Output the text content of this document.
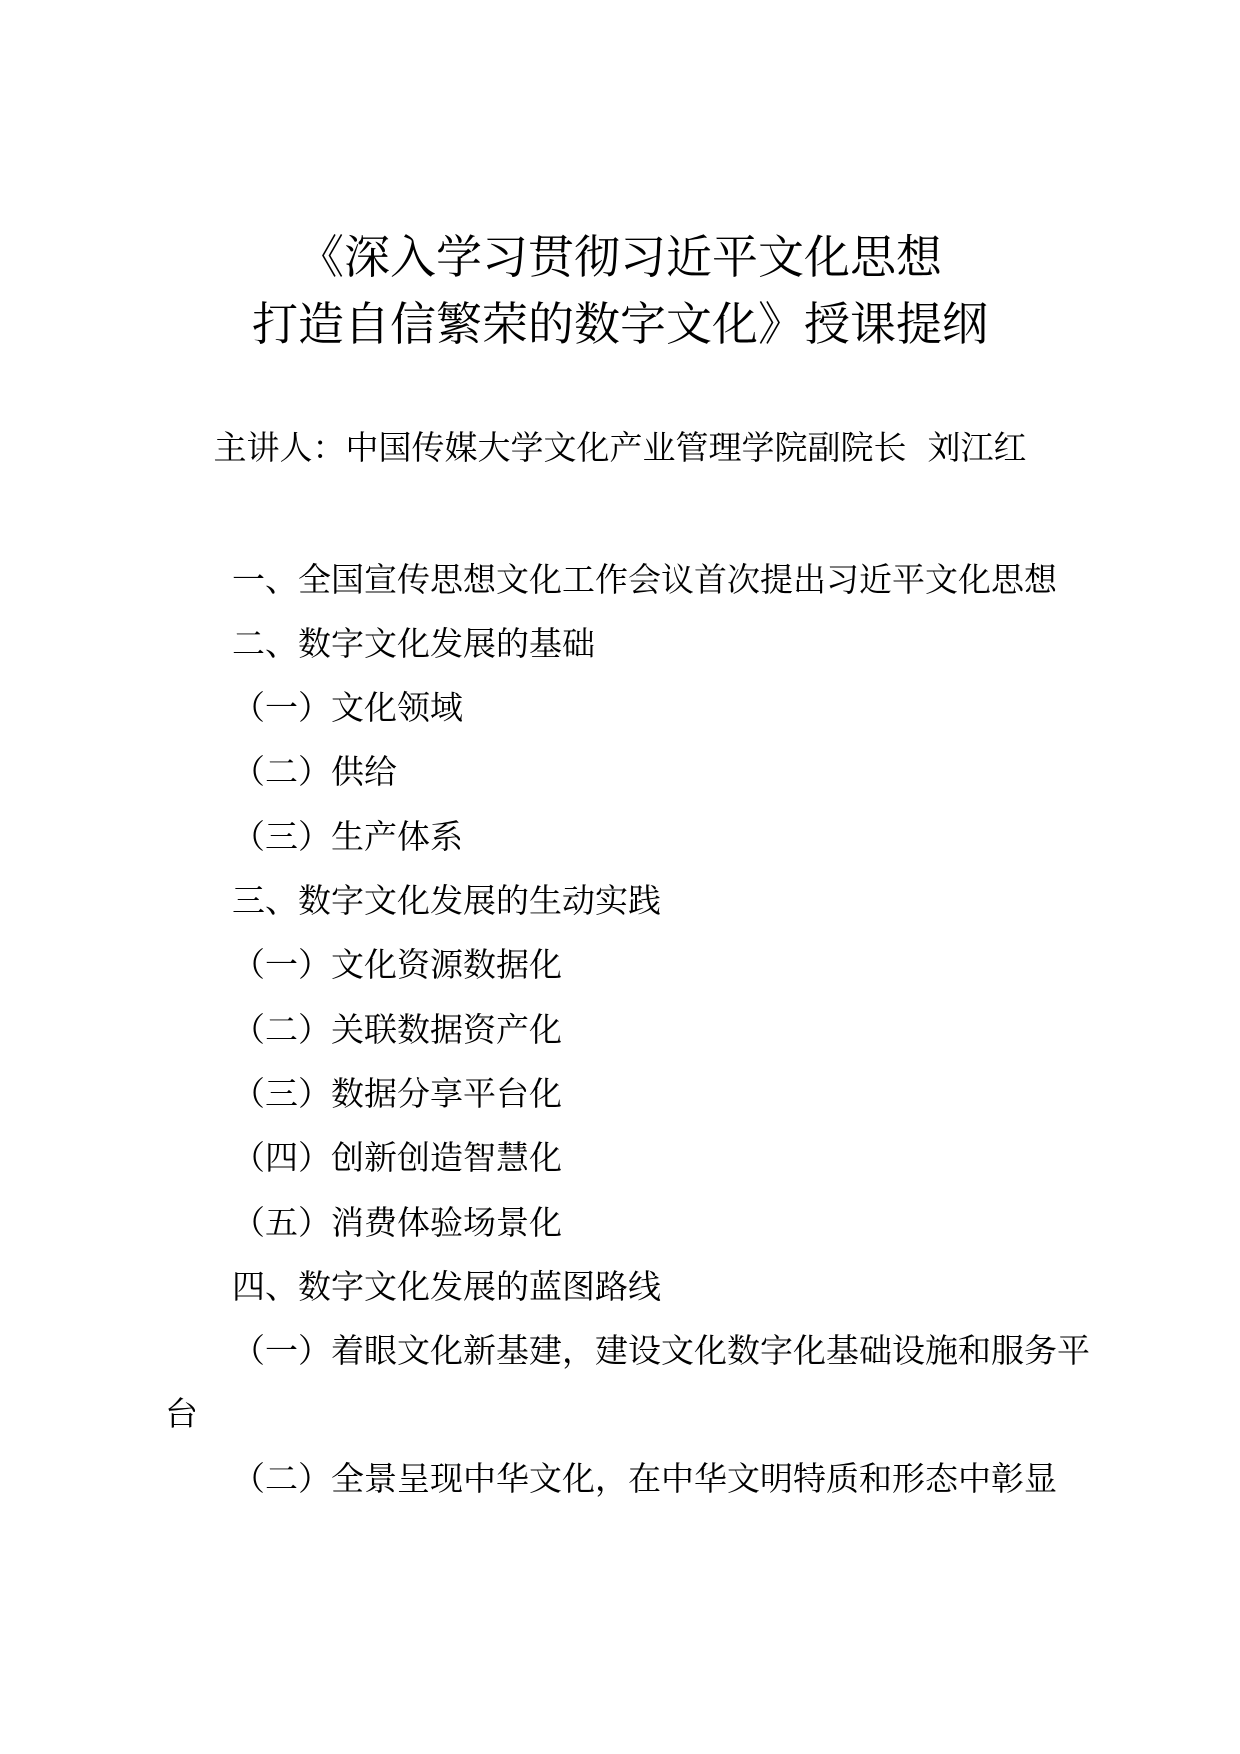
《深入学习贯彻习近平文化思想
打造自信繁荣的数字文化》授课提纲
主讲人：中国传媒大学文化产业管理学院副院长  刘江红
一、全国宣传思想文化工作会议首次提出习近平文化思想
二、数字文化发展的基础
（一）文化领域
（二）供给
（三）生产体系
三、数字文化发展的生动实践
（一）文化资源数据化
（二）关联数据资产化
（三）数据分享平台化
（四）创新创造智慧化
（五）消费体验场景化
四、数字文化发展的蓝图路线
（一）着眼文化新基建，建设文化数字化基础设施和服务平
台
（二）全景呈现中华文化，在中华文明特质和形态中彰显
